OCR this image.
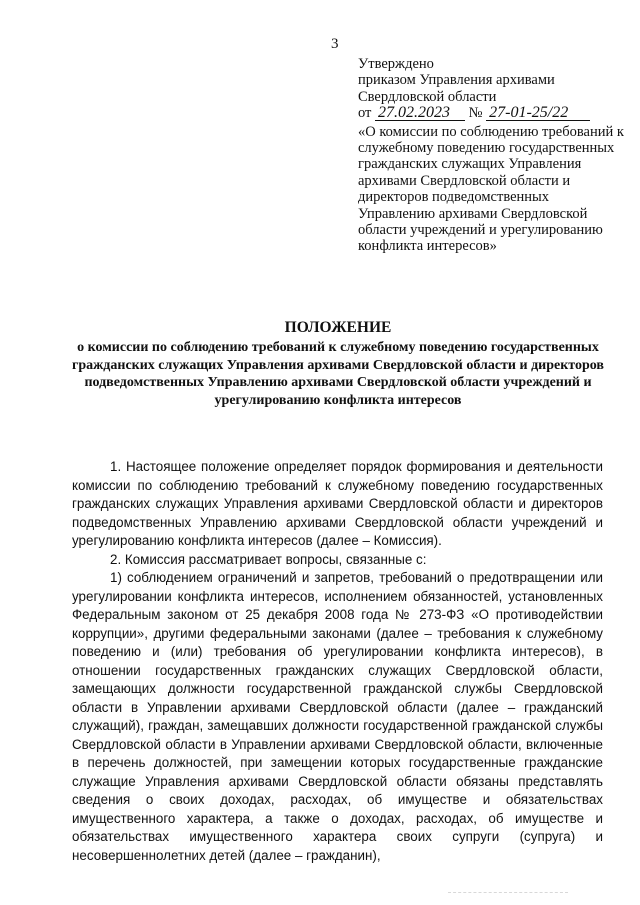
3
Утверждено
приказом Управления архивами
Свердловской области
от 27.02.2023 № 27-01-25/22
«О комиссии по соблюдению требований к служебному поведению государственных гражданских служащих Управления архивами Свердловской области и директоров подведомственных Управлению архивами Свердловской области учреждений и урегулированию конфликта интересов»
ПОЛОЖЕНИЕ
о комиссии по соблюдению требований к служебному поведению государственных гражданских служащих Управления архивами Свердловской области и директоров подведомственных Управлению архивами Свердловской области учреждений и урегулированию конфликта интересов

1. Настоящее положение определяет порядок формирования и деятельности комиссии по соблюдению требований к служебному поведению государственных гражданских служащих Управления архивами Свердловской области и директоров подведомственных Управлению архивами Свердловской области учреждений и урегулированию конфликта интересов (далее – Комиссия).

2. Комиссия рассматривает вопросы, связанные с:

1) соблюдением ограничений и запретов, требований о предотвращении или урегулировании конфликта интересов, исполнением обязанностей, установленных Федеральным законом от 25 декабря 2008 года № 273-ФЗ «О противодействии коррупции», другими федеральными законами (далее – требования к служебному поведению и (или) требования об урегулировании конфликта интересов), в отношении государственных гражданских служащих Свердловской области, замещающих должности государственной гражданской службы Свердловской области в Управлении архивами Свердловской области (далее – гражданский служащий), граждан, замещавших должности государственной гражданской службы Свердловской области в Управлении архивами Свердловской области, включенные в перечень должностей, при замещении которых государственные гражданские служащие Управления архивами Свердловской области обязаны представлять сведения о своих доходах, расходах, об имуществе и обязательствах имущественного характера, а также о доходах, расходах, об имуществе и обязательствах имущественного характера своих супруги (супруга) и несовершеннолетних детей (далее – гражданин),
